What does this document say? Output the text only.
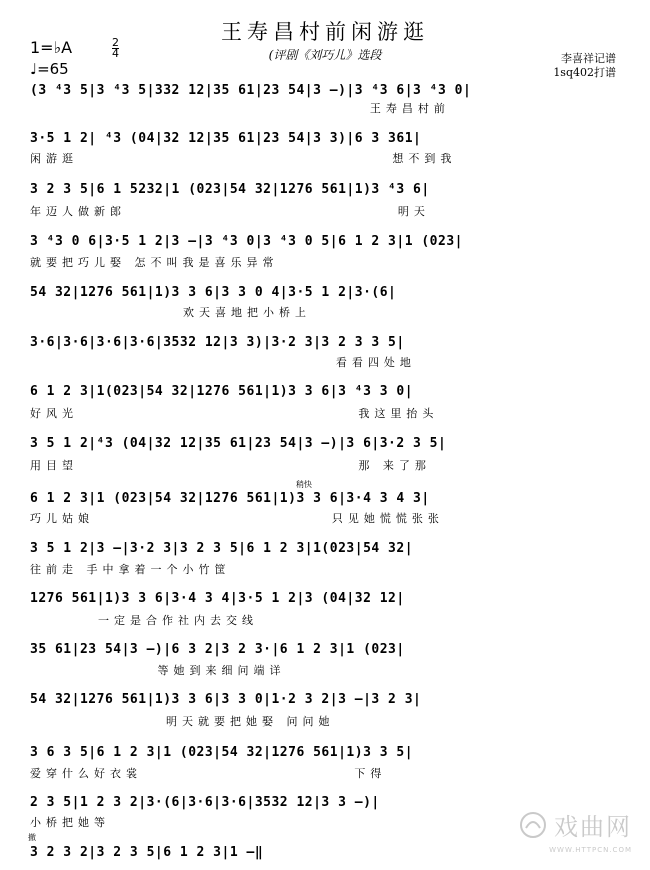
王寿昌村前闲游逛
(评剧《刘巧儿》选段
1=♭A	2
4
♩=65
李喜祥记谱
1sq402打谱
(3 ⁴3 5|3 ⁴3 5|332 12|35 61|23 54|3 –)|3 ⁴3 6|3 ⁴3 0|
王寿昌村前
3·5 1 2| ⁴3 (04|32 12|35 61|23 54|3 3)|6 3 361|
闲游逛                                     想不到我
3 2 3 5|6 1 5232|1 (023|54 32|1276 561|1)3 ⁴3 6|
年迈人做新郎                                明天
3 ⁴3 0 6|3·5 1 2|3 –|3 ⁴3 0|3 ⁴3 0 5|6 1 2 3|1 (023|
就要把巧儿娶 怎不叫我是喜乐异常
54 32|1276 561|1)3 3 6|3 3 0 4|3·5 1 2|3·(6|
欢天喜地把小桥上
3·6|3·6|3·6|3·6|3532 12|3 3)|3·2 3|3 2 3 3 5|
看看四处地
6 1 2 3|1(023|54 32|1276 561|1)3 3 6|3 ⁴3 3 0|
好风光                                 我这里抬头
3 5 1 2|⁴3 (04|32 12|35 61|23 54|3 –)|3 6|3·2 3 5|
用目望                                 那 来了那
稍快
6 1 2 3|1 (023|54 32|1276 561|1)3 3 6|3·4 3 4 3|
巧儿姑娘                            只见她慌慌张张
3 5 1 2|3 –|3·2 3|3 2 3 5|6 1 2 3|1(023|54 32|
往前走 手中拿着一个小竹筐
1276 561|1)3 3 6|3·4 3 4|3·5 1 2|3 (04|32 12|
一定是合作社内去交线
35 61|23 54|3 –)|6 3 2|3 2 3·|6 1 2 3|1 (023|
等她到来细问端详
54 32|1276 561|1)3 3 6|3 3 0|1·2 3 2|3 –|3 2 3|
明天就要把她娶 问问她
3 6 3 5|6 1 2 3|1 (023|54 32|1276 561|1)3 3 5|
爱穿什么好衣裳                         下得
2 3 5|1 2 3 2|3·(6|3·6|3·6|3532 12|3 3 –)|
小桥把她等
撤
3 2 3 2|3 2 3 5|6 1 2 3|1 –‖
戏曲网
WWW.HTTPCN.COM
